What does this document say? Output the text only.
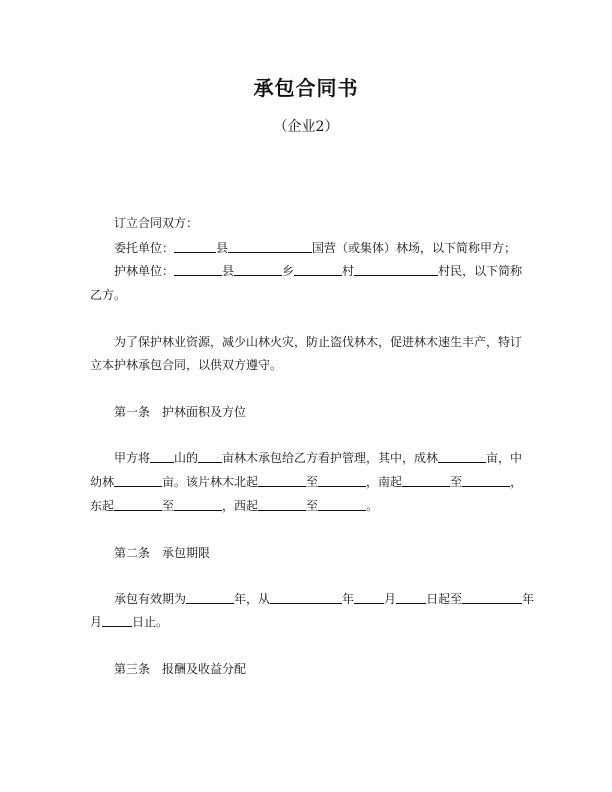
承包合同书

（企业2）

订立合同双方：
委托单位：	县	国营（或集体）林场，以下简称甲方；
护林单位：	县	乡	村	村民，以下简称
乙方。
为了保护林业资源，减少山林火灾，防止盗伐林木，促进林木速生丰产，特订
立本护林承包合同，以供双方遵守。
第一条　护林面积及方位
甲方将 山的 亩林木承包给乙方看护管理，其中，成林	亩，中
幼林	亩。该片林木北起	至	，南起	至	，
东起	至	，西起	至	。
第二条　承包期限
承包有效期为	年，从	年	月	日起至	年
月	日止。
第三条　报酬及收益分配
